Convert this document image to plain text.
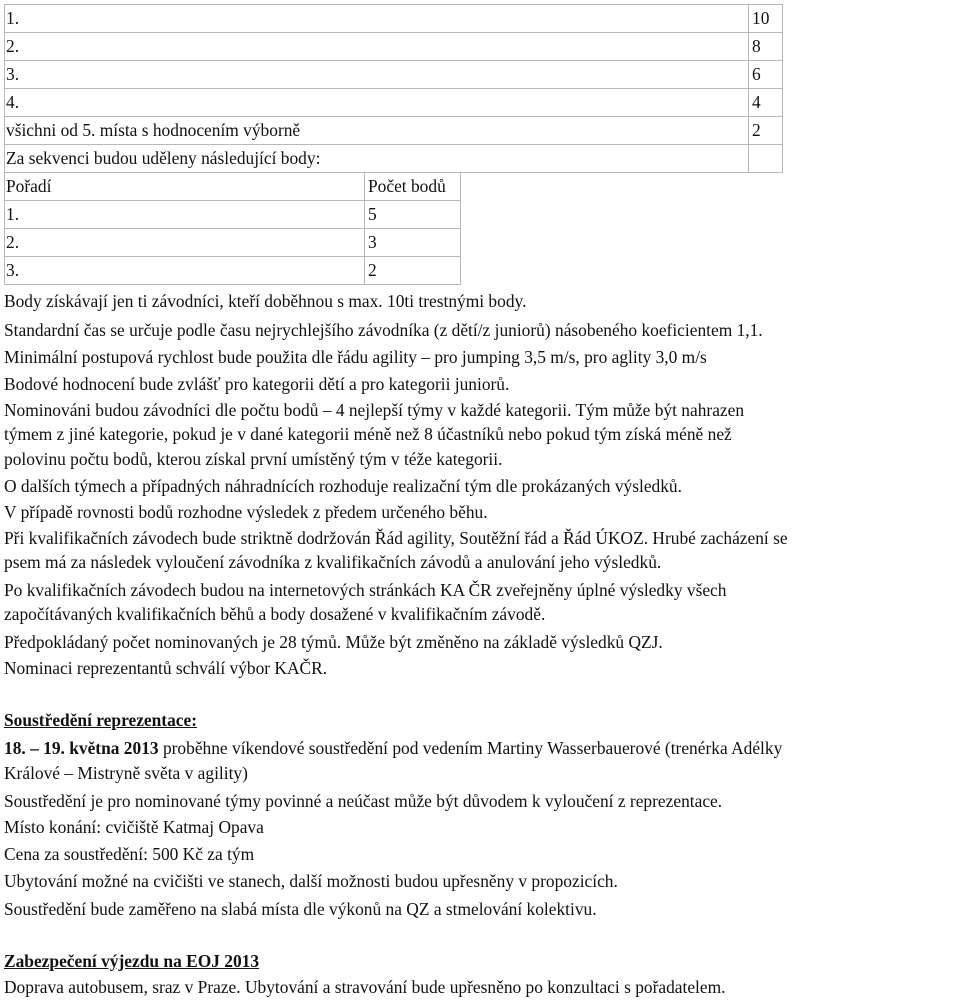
1.	10
2.	8
3.	6
4.	4
všichni od 5. místa s hodnocením výborně	2
Za sekvenci budou uděleny následující body:	
Pořadí	Počet bodů
1.	5
2.	3
3.	2
Body získávají jen ti závodníci, kteří doběhnou s max. 10ti trestnými body.
Standardní čas se určuje podle času nejrychlejšího závodníka (z dětí/z juniorů) násobeného koeficientem 1,1.
Minimální postupová rychlost bude použita dle řádu agility – pro jumping 3,5 m/s, pro aglity 3,0 m/s
Bodové hodnocení bude zvlášť pro kategorii dětí a pro kategorii juniorů.
Nominováni budou závodníci dle počtu bodů – 4 nejlepší týmy v každé kategorii. Tým může být nahrazen
týmem z jiné kategorie, pokud je v dané kategorii méně než 8 účastníků nebo pokud tým získá méně než
polovinu počtu bodů, kterou získal první umístěný tým v téže kategorii.
O dalších týmech a případných náhradnících rozhoduje realizační tým dle prokázaných výsledků.
V případě rovnosti bodů rozhodne výsledek z předem určeného běhu.
Při kvalifikačních závodech bude striktně dodržován Řád agility, Soutěžní řád a Řád ÚKOZ. Hrubé zacházení se
psem má za následek vyloučení závodníka z kvalifikačních závodů a anulování jeho výsledků.
Po kvalifikačních závodech budou na internetových stránkách KA ČR zveřejněny úplné výsledky všech
započítávaných kvalifikačních běhů a body dosažené v kvalifikačním závodě.
Předpokládaný počet nominovaných je 28 týmů. Může být změněno na základě výsledků QZJ.
Nominaci reprezentantů schválí výbor KAČR.
Soustředění reprezentace:
18. – 19. května 2013 proběhne víkendové soustředění pod vedením Martiny Wasserbauerové (trenérka Adélky
Králové – Mistryně světa v agility)
Soustředění je pro nominované týmy povinné a neúčast může být důvodem k vyloučení z reprezentace.
Místo konání: cvičiště Katmaj Opava
Cena za soustředění: 500 Kč za tým
Ubytování možné na cvičišti ve stanech, další možnosti budou upřesněny v propozicích.
Soustředění bude zaměřeno na slabá místa dle výkonů na QZ a stmelování kolektivu.
Zabezpečení výjezdu na EOJ 2013
Doprava autobusem, sraz v Praze. Ubytování a stravování bude upřesněno po konzultaci s pořadatelem.
